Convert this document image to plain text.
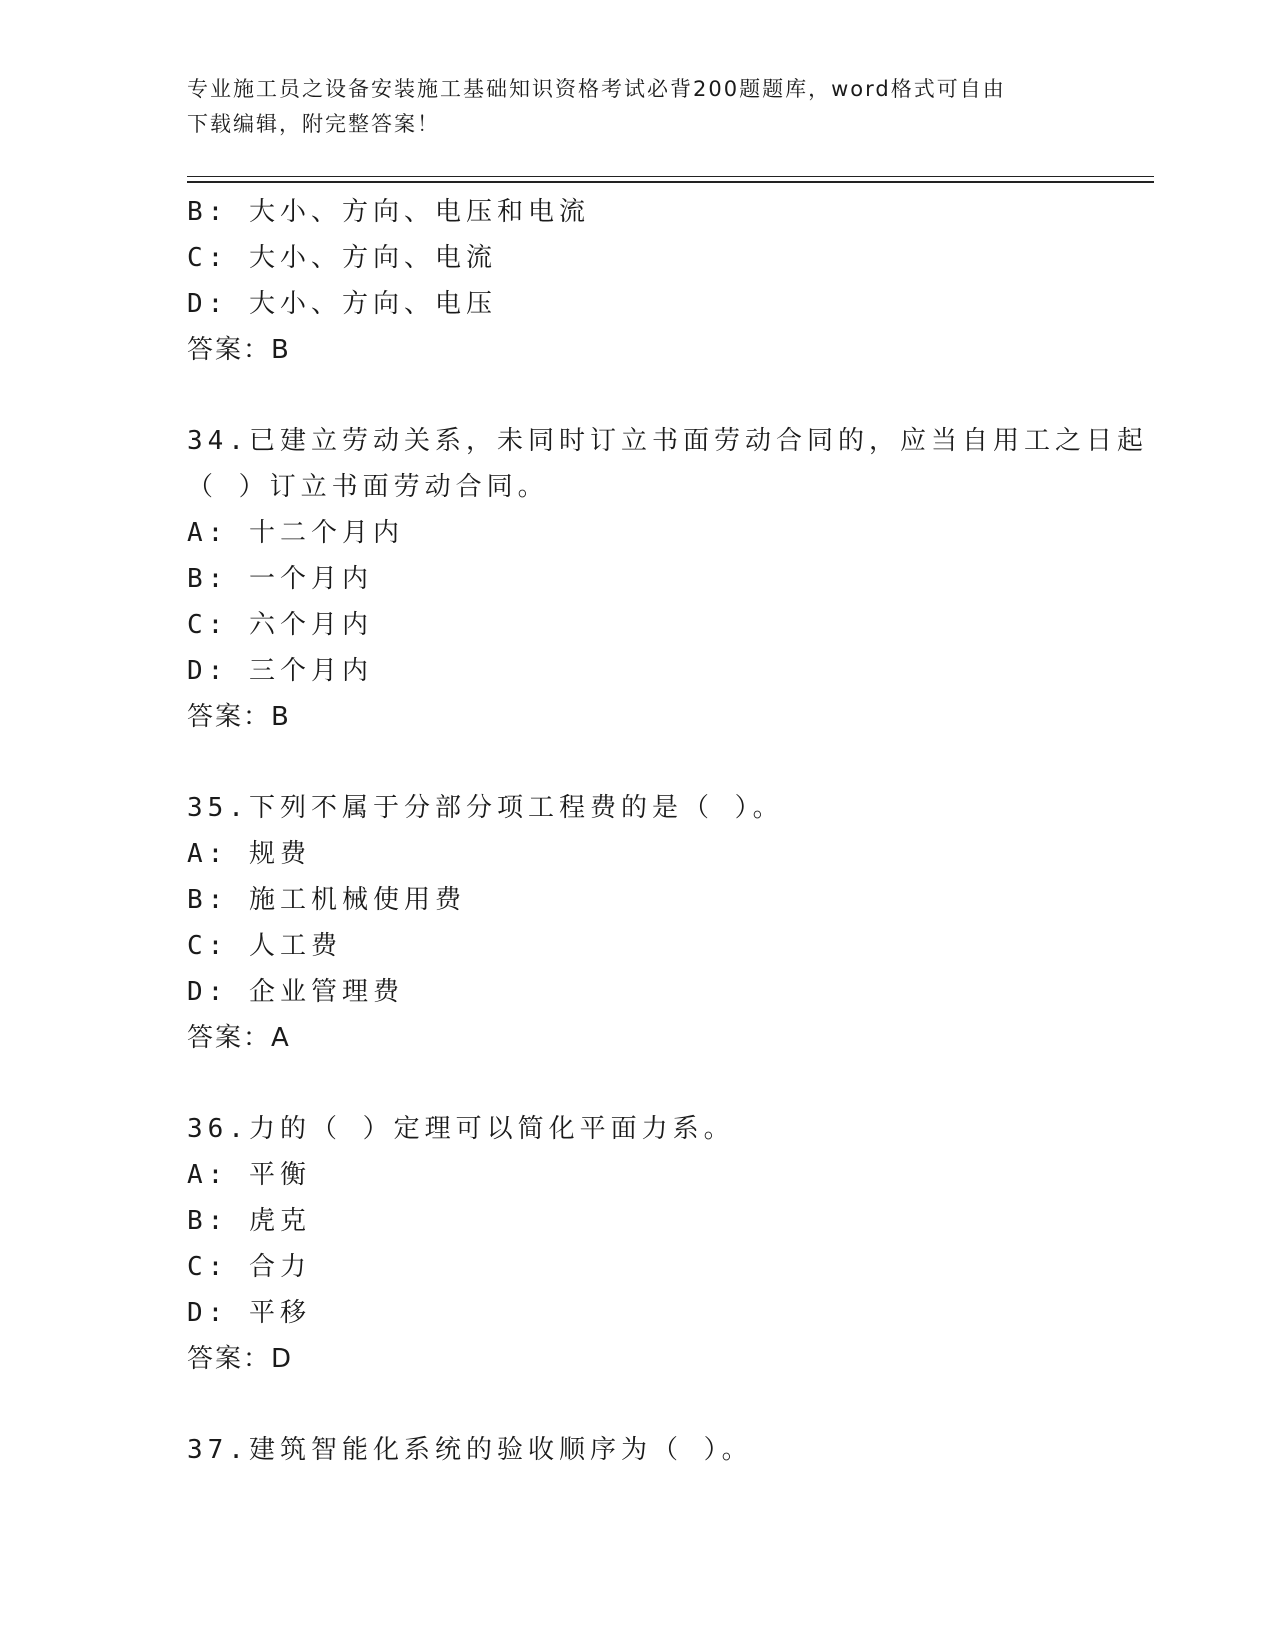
专业施工员之设备安装施工基础知识资格考试必背200题题库，word格式可自由
下载编辑，附完整答案！
B: 大小、方向、电压和电流
C: 大小、方向、电流
D: 大小、方向、电压
答案：B
34.已建立劳动关系，未同时订立书面劳动合同的，应当自用工之日起
（ ）订立书面劳动合同。
A: 十二个月内
B: 一个月内
C: 六个月内
D: 三个月内
答案：B
35.下列不属于分部分项工程费的是（ ）。
A: 规费
B: 施工机械使用费
C: 人工费
D: 企业管理费
答案：A
36.力的（ ）定理可以简化平面力系。
A: 平衡
B: 虎克
C: 合力
D: 平移
答案：D
37.建筑智能化系统的验收顺序为（ ）。
